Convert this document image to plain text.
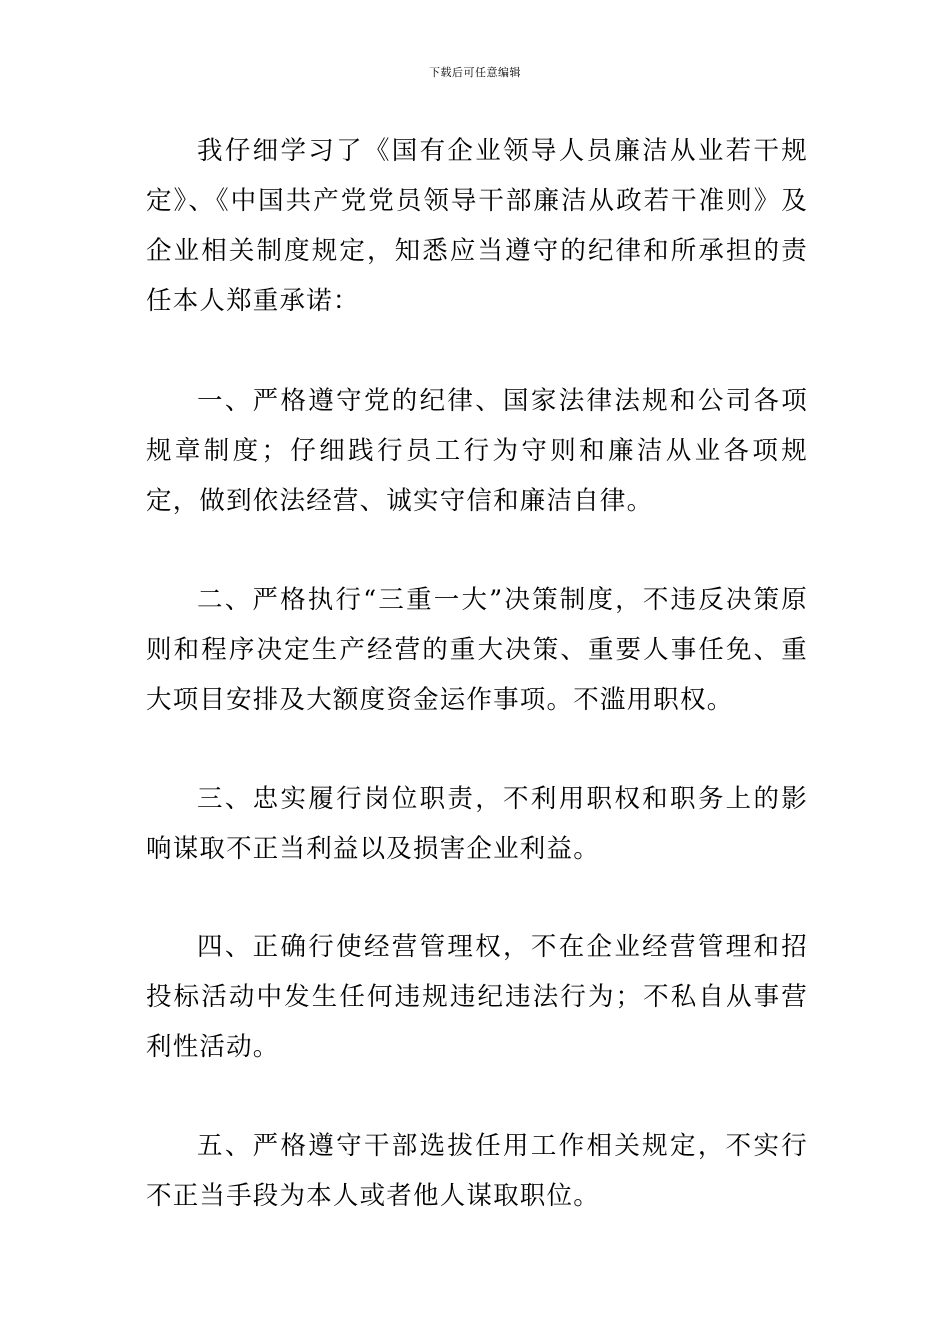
下载后可任意编辑

我仔细学习了《国有企业领导人员廉洁从业若干规定》、《中国共产党党员领导干部廉洁从政若干准则》及企业相关制度规定，知悉应当遵守的纪律和所承担的责任本人郑重承诺：

一、严格遵守党的纪律、国家法律法规和公司各项规章制度；仔细践行员工行为守则和廉洁从业各项规定，做到依法经营、诚实守信和廉洁自律。

二、严格执行“三重一大”决策制度，不违反决策原则和程序决定生产经营的重大决策、重要人事任免、重大项目安排及大额度资金运作事项。不滥用职权。

三、忠实履行岗位职责，不利用职权和职务上的影响谋取不正当利益以及损害企业利益。

四、正确行使经营管理权，不在企业经营管理和招投标活动中发生任何违规违纪违法行为；不私自从事营利性活动。

五、严格遵守干部选拔任用工作相关规定，不实行不正当手段为本人或者他人谋取职位。
